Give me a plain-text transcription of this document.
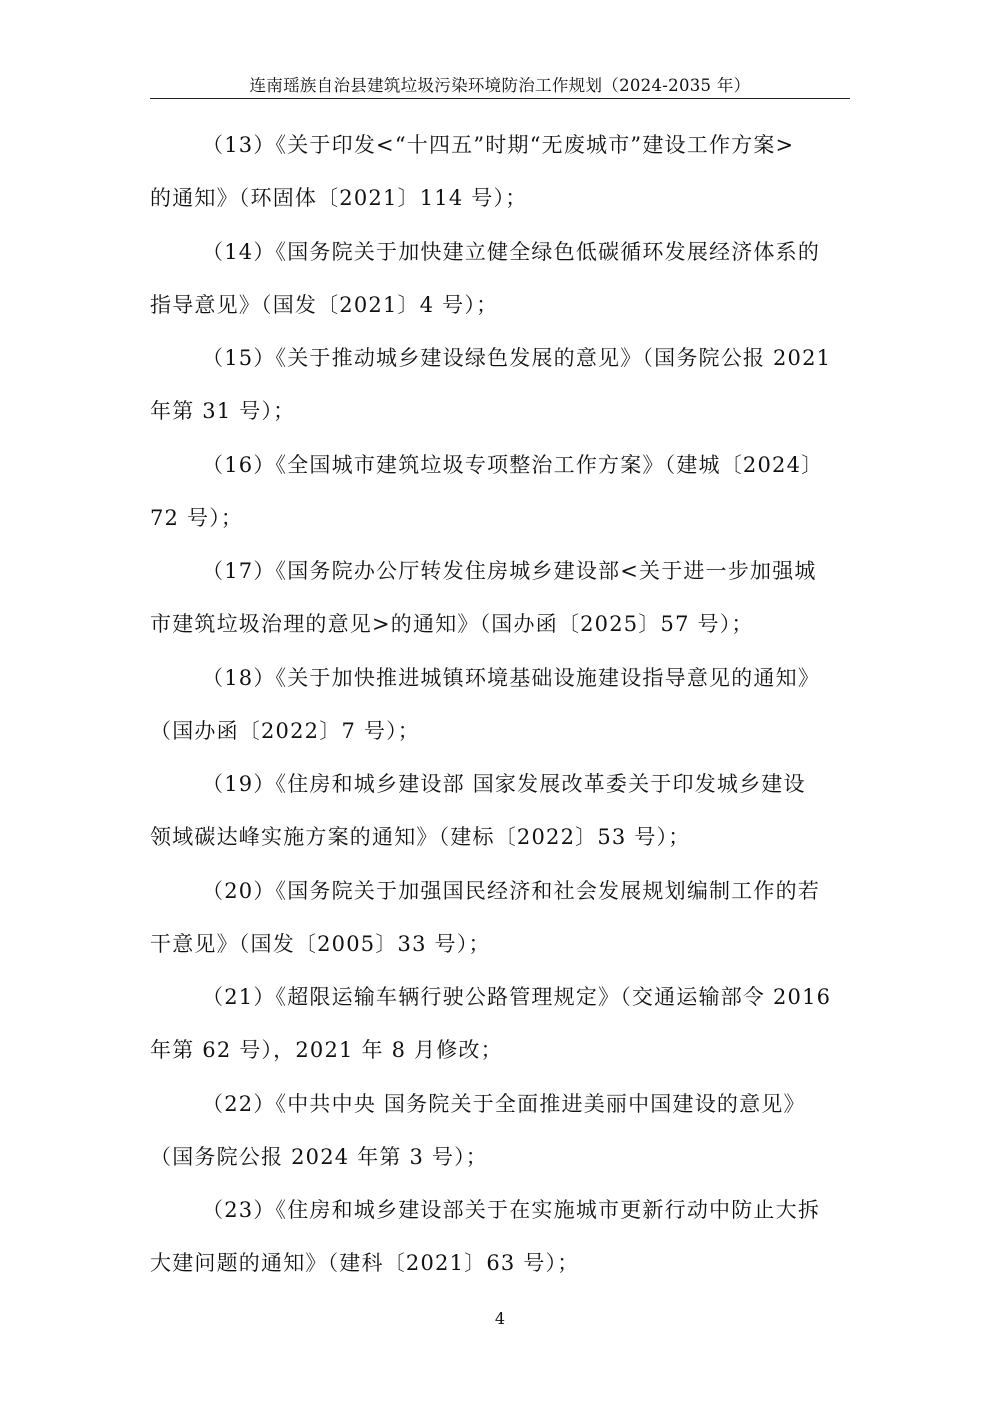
连南瑶族自治县建筑垃圾污染环境防治工作规划（2024-2035 年）
（13）《关于印发<“十四五”时期“无废城市”建设工作方案>
的通知》（环固体〔2021〕114 号）；
（14）《国务院关于加快建立健全绿色低碳循环发展经济体系的
指导意见》（国发〔2021〕4 号）；
（15）《关于推动城乡建设绿色发展的意见》（国务院公报 2021
年第 31 号）；
（16）《全国城市建筑垃圾专项整治工作方案》（建城〔2024〕
72 号）；
（17）《国务院办公厅转发住房城乡建设部<关于进一步加强城
市建筑垃圾治理的意见>的通知》（国办函〔2025〕57 号）；
（18）《关于加快推进城镇环境基础设施建设指导意见的通知》
（国办函〔2022〕7 号）；
（19）《住房和城乡建设部 国家发展改革委关于印发城乡建设
领域碳达峰实施方案的通知》（建标〔2022〕53 号）；
（20）《国务院关于加强国民经济和社会发展规划编制工作的若
干意见》（国发〔2005〕33 号）；
（21）《超限运输车辆行驶公路管理规定》（交通运输部令 2016
年第 62 号），2021 年 8 月修改；
（22）《中共中央 国务院关于全面推进美丽中国建设的意见》
（国务院公报 2024 年第 3 号）；
（23）《住房和城乡建设部关于在实施城市更新行动中防止大拆
大建问题的通知》（建科〔2021〕63 号）；
4
